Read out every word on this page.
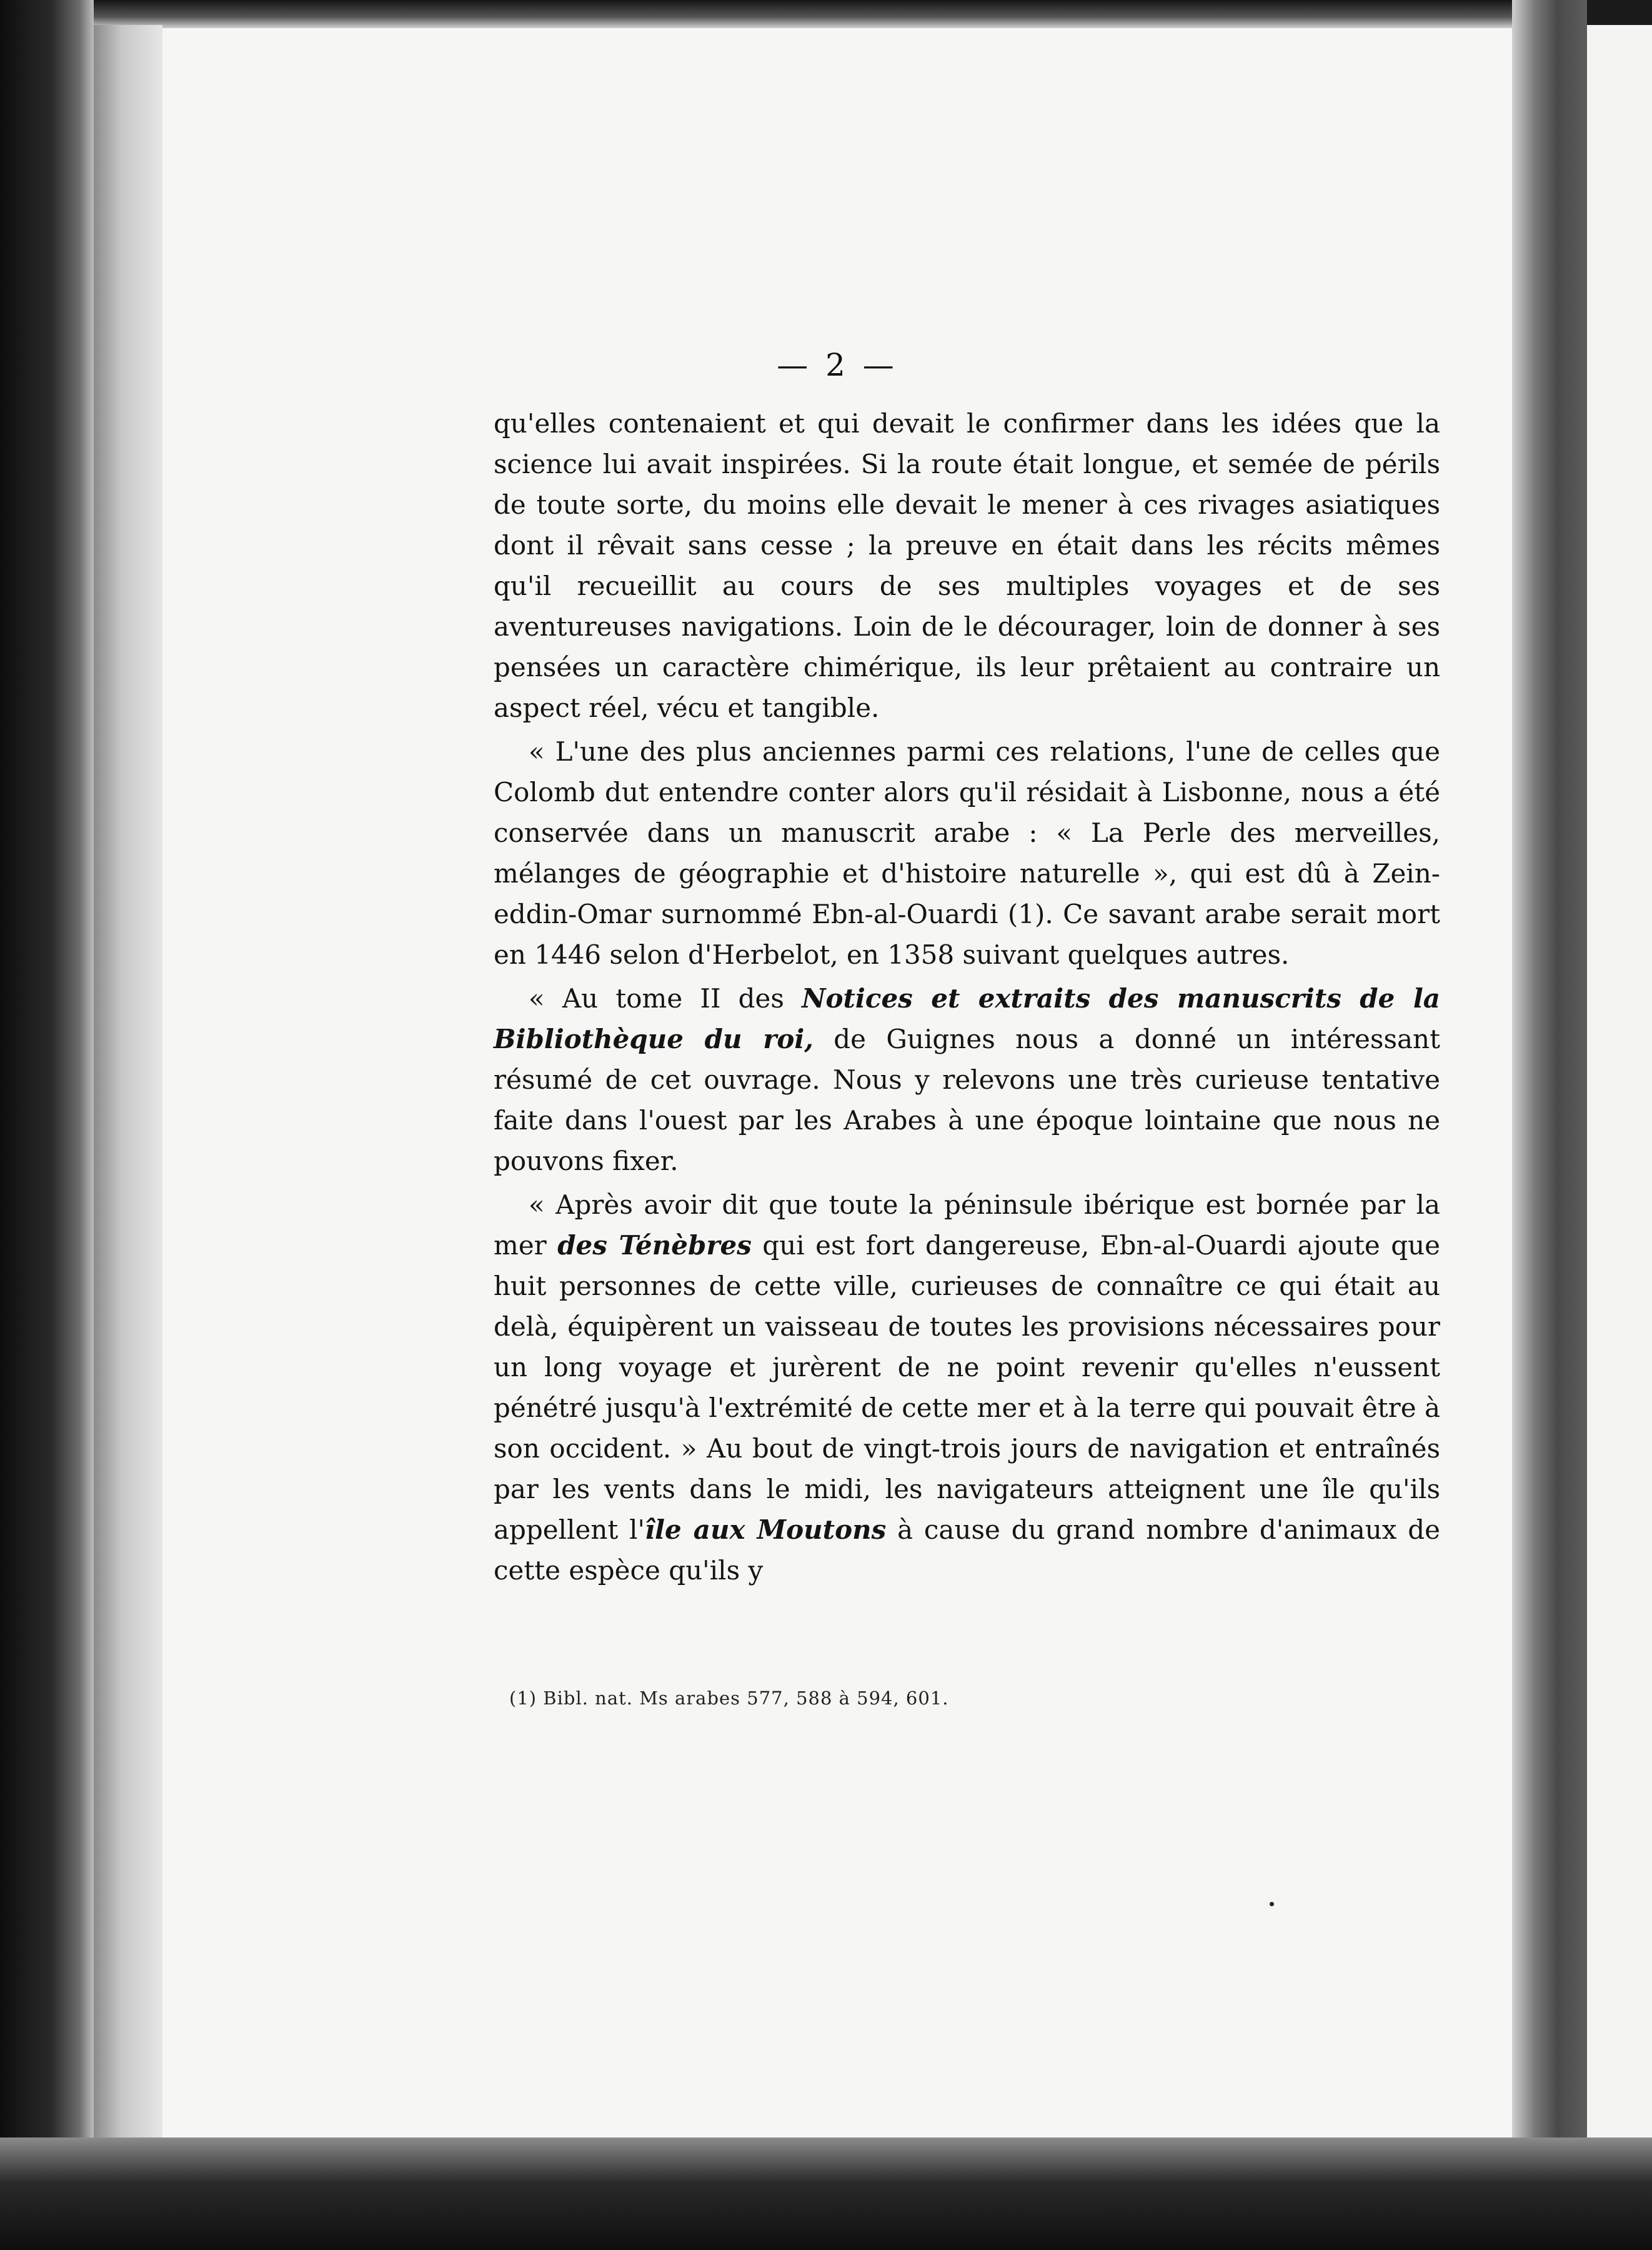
— 2 —

qu'elles contenaient et qui devait le confirmer dans les idées que la science lui avait inspirées. Si la route était longue, et semée de périls de toute sorte, du moins elle devait le mener à ces rivages asiatiques dont il rêvait sans cesse ; la preuve en était dans les récits mêmes qu'il recueillit au cours de ses multiples voyages et de ses aventureuses navigations. Loin de le décourager, loin de donner à ses pensées un caractère chimérique, ils leur prêtaient au contraire un aspect réel, vécu et tangible.

« L'une des plus anciennes parmi ces relations, l'une de celles que Colomb dut entendre conter alors qu'il résidait à Lisbonne, nous a été conservée dans un manuscrit arabe : « La Perle des merveilles, mélanges de géographie et d'histoire naturelle », qui est dû à Zein-eddin-Omar surnommé Ebn-al-Ouardi (1). Ce savant arabe serait mort en 1446 selon d'Herbelot, en 1358 suivant quelques autres.

« Au tome II des Notices et extraits des manuscrits de la Bibliothèque du roi, de Guignes nous a donné un intéressant résumé de cet ouvrage. Nous y relevons une très curieuse tentative faite dans l'ouest par les Arabes à une époque lointaine que nous ne pouvons fixer.

« Après avoir dit que toute la péninsule ibérique est bornée par la mer des Ténèbres qui est fort dangereuse, Ebn-al-Ouardi ajoute que huit personnes de cette ville, curieuses de connaître ce qui était au delà, équipèrent un vaisseau de toutes les provisions nécessaires pour un long voyage et jurèrent de ne point revenir qu'elles n'eussent pénétré jusqu'à l'extrémité de cette mer et à la terre qui pouvait être à son occident. » Au bout de vingt-trois jours de navigation et entraînés par les vents dans le midi, les navigateurs atteignent une île qu'ils appellent l'île aux Moutons à cause du grand nombre d'animaux de cette espèce qu'ils y

(1) Bibl. nat. Ms arabes 577, 588 à 594, 601.
